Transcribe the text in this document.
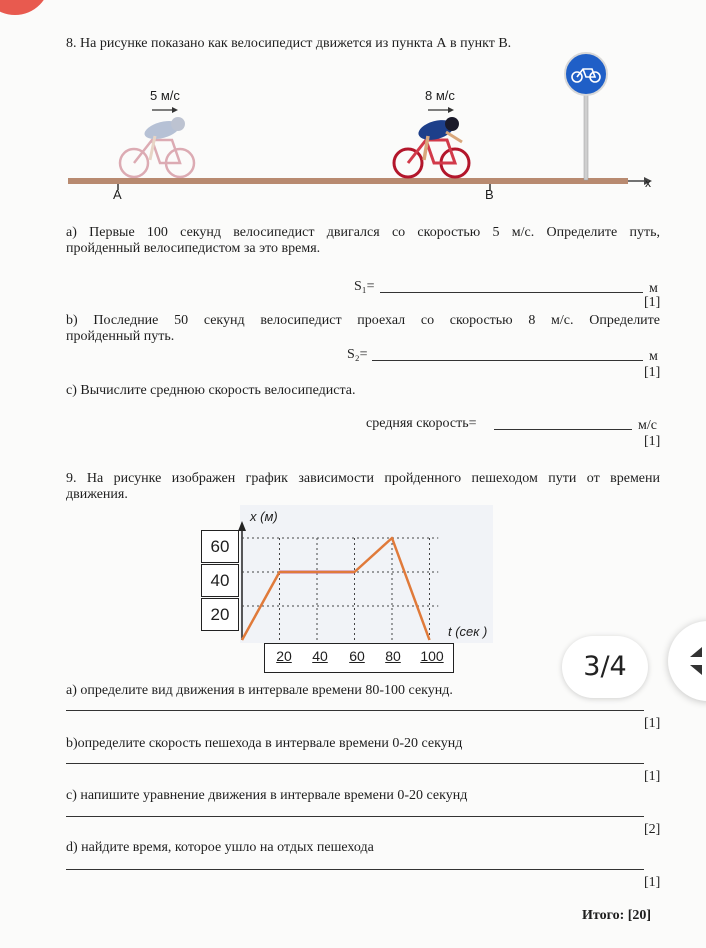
8. На рисунке показано как велосипедист движется из пункта А в пункт В.
5 м/с	8 м/с
A	B
x
а) Первые 100 секунд велосипедист двигался со скоростью 5 м/с. Определите путь,
пройденный велосипедистом за это время.
S₁=	м
[1]
b) Последние 50 секунд велосипедист проехал со скоростью 8 м/с. Определите
пройденный путь.
S₂=	м
[1]
с) Вычислите среднюю скорость велосипедиста.
средняя скорость=	м/с
[1]
9. На рисунке изображен график зависимости пройденного пешеходом пути от времени
движения.
x (м)
t (сек )
60
40
20
20	40	60	80	100
а) определите вид движения в интервале времени 80-100 секунд.
[1]
b)определите скорость пешехода в интервале времени 0-20 секунд
[1]
с) напишите уравнение движения в интервале времени 0-20 секунд
[2]
d) найдите время, которое ушло на отдых пешехода
[1]
Итого: [20]
3/4
